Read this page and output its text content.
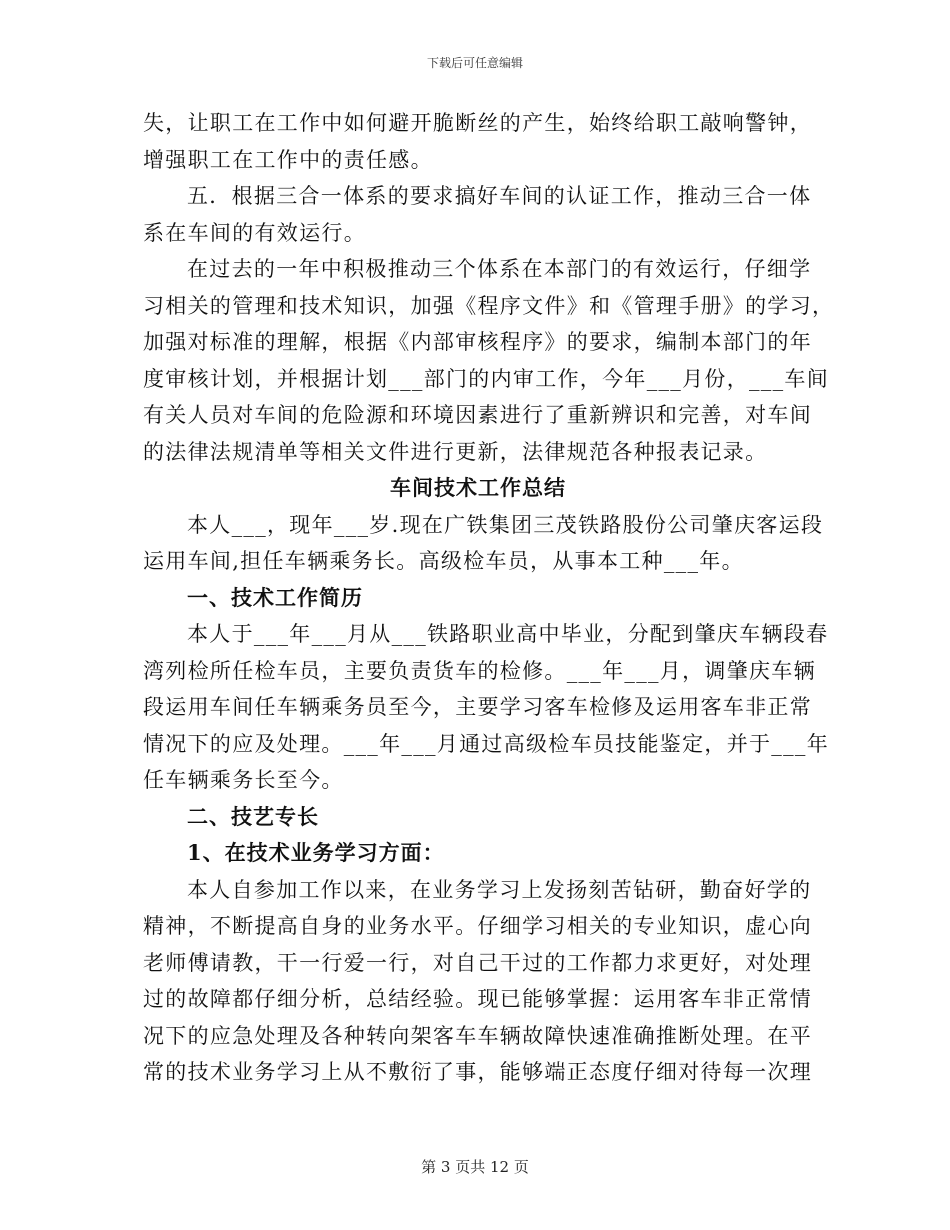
下载后可任意编辑
失，让职工在工作中如何避开脆断丝的产生，始终给职工敲响警钟，
增强职工在工作中的责任感。
五．根据三合一体系的要求搞好车间的认证工作，推动三合一体
系在车间的有效运行。
在过去的一年中积极推动三个体系在本部门的有效运行，仔细学
习相关的管理和技术知识，加强《程序文件》和《管理手册》的学习，
加强对标准的理解，根据《内部审核程序》的要求，编制本部门的年
度审核计划，并根据计划___部门的内审工作，今年___月份，___车间
有关人员对车间的危险源和环境因素进行了重新辨识和完善，对车间
的法律法规清单等相关文件进行更新，法律规范各种报表记录。
车间技术工作总结
本人___，现年___岁.现在广铁集团三茂铁路股份公司肇庆客运段
运用车间,担任车辆乘务长。高级检车员，从事本工种___年。
一、技术工作简历
本人于___年___月从___铁路职业高中毕业，分配到肇庆车辆段春
湾列检所任检车员，主要负责货车的检修。___年___月，调肇庆车辆
段运用车间任车辆乘务员至今，主要学习客车检修及运用客车非正常
情况下的应及处理。___年___月通过高级检车员技能鉴定，并于___年
任车辆乘务长至今。
二、技艺专长
1、在技术业务学习方面：
本人自参加工作以来，在业务学习上发扬刻苦钻研，勤奋好学的
精神，不断提高自身的业务水平。仔细学习相关的专业知识，虚心向
老师傅请教，干一行爱一行，对自己干过的工作都力求更好，对处理
过的故障都仔细分析，总结经验。现已能够掌握：运用客车非正常情
况下的应急处理及各种转向架客车车辆故障快速准确推断处理。在平
常的技术业务学习上从不敷衍了事，能够端正态度仔细对待每一次理
第 3 页共 12 页
